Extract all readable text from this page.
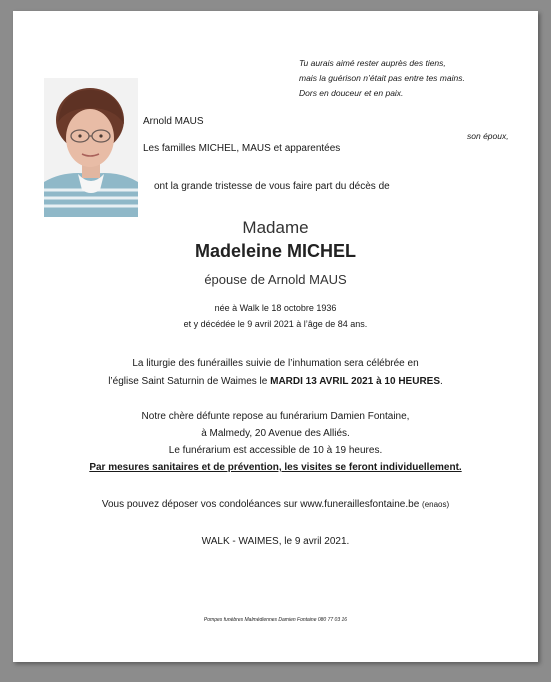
Tu aurais aimé rester auprès des tiens,
mais la guérison n’était pas entre tes mains.
Dors en douceur et en paix.
Arnold MAUS
son époux,
Les familles MICHEL, MAUS et apparentées
ont la grande tristesse de vous faire part du décès de
Madame
Madeleine MICHEL
épouse de Arnold MAUS
née à Walk le 18 octobre 1936
et y décédée le 9 avril 2021 à l’âge de 84 ans.
La liturgie des funérailles suivie de l’inhumation sera célébrée en
l’église Saint Saturnin de Waimes le MARDI 13 AVRIL 2021 à 10 HEURES.
Notre chère défunte repose au funérarium Damien Fontaine,
à Malmedy, 20 Avenue des Alliés.
Le funérarium est accessible de 10 à 19 heures.
Par mesures sanitaires et de prévention, les visites se feront individuellement.
Vous pouvez déposer vos condoléances sur www.funeraillesfontaine.be (enaos)
WALK - WAIMES, le 9 avril 2021.
Pompes funèbres Malmédiennes Damien Fontaine 080 77 03 16
